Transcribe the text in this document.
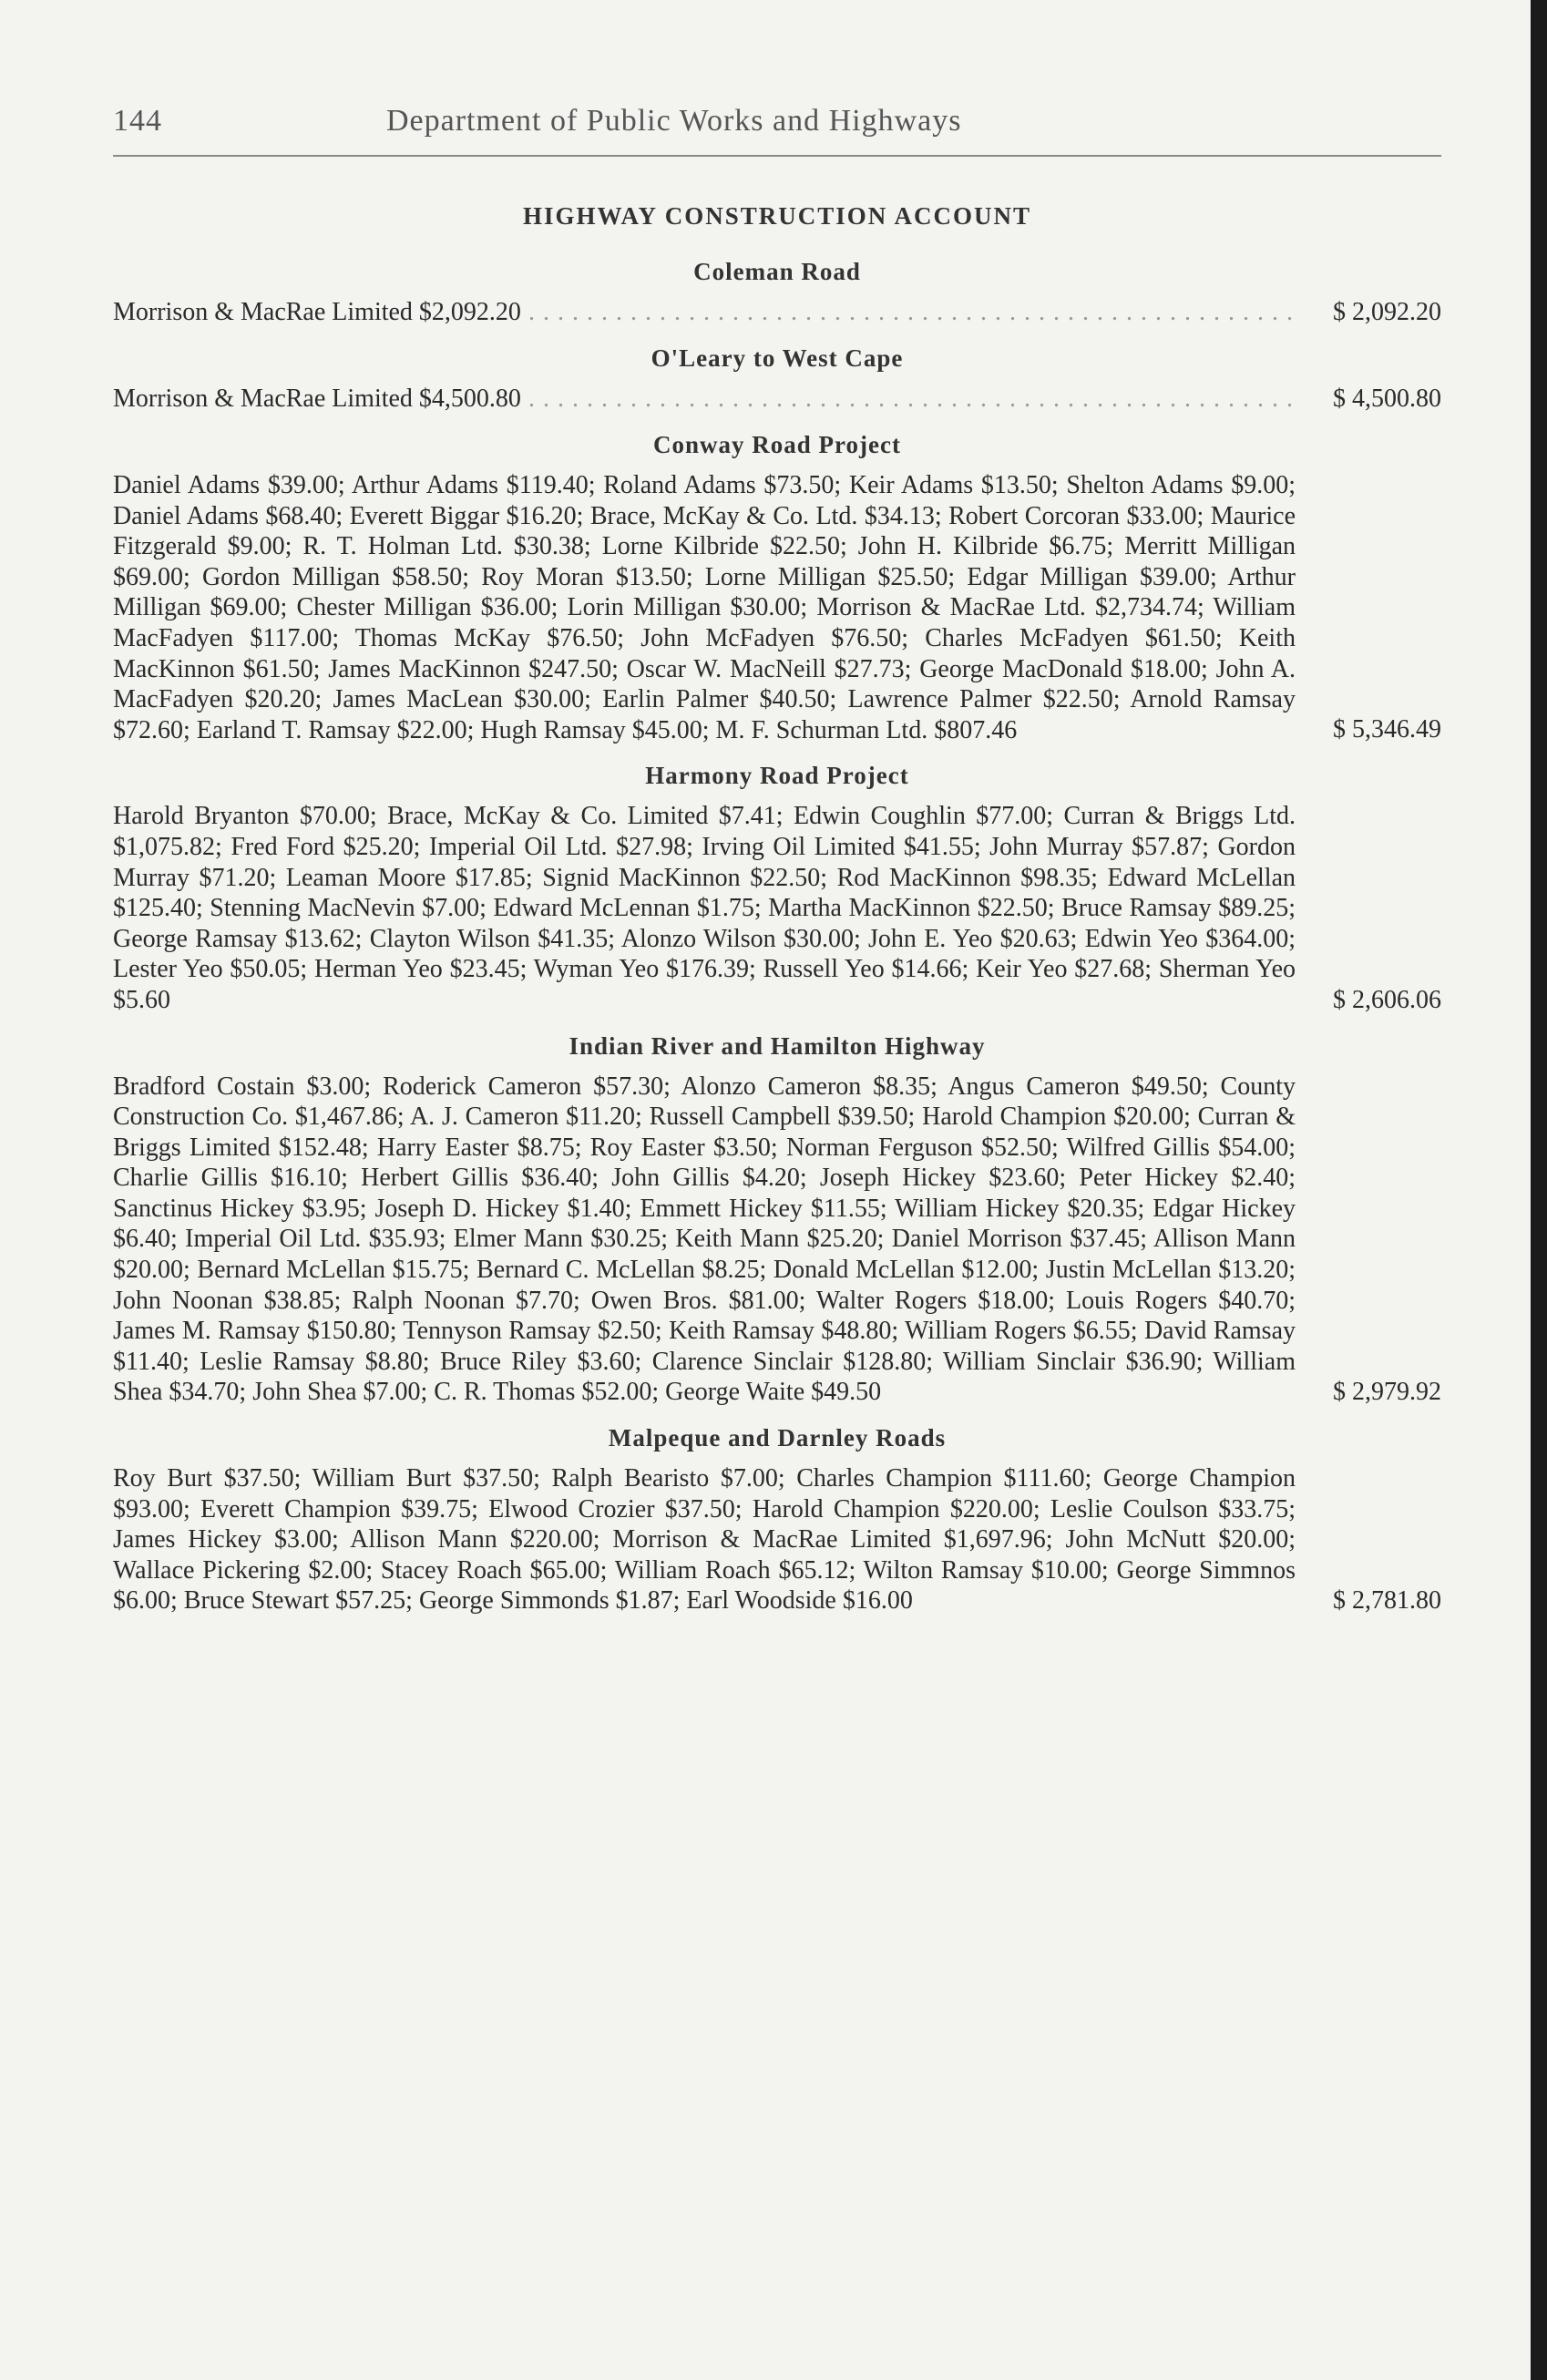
144	Department of Public Works and Highways
HIGHWAY CONSTRUCTION ACCOUNT
Coleman Road
Morrison & MacRae Limited $2,092.20 . . .	$ 2,092.20
O'Leary to West Cape
Morrison & MacRae Limited $4,500.80 . . .	$ 4,500.80
Conway Road Project
Daniel Adams $39.00; Arthur Adams $119.40; Roland Adams $73.50; Keir Adams $13.50; Shelton Adams $9.00; Daniel Adams $68.40; Everett Biggar $16.20; Brace, McKay & Co. Ltd. $34.13; Robert Corcoran $33.00; Maurice Fitzgerald $9.00; R. T. Holman Ltd. $30.38; Lorne Kilbride $22.50; John H. Kilbride $6.75; Merritt Milligan $69.00; Gordon Milligan $58.50; Roy Moran $13.50; Lorne Milligan $25.50; Edgar Milligan $39.00; Arthur Milligan $69.00; Chester Milligan $36.00; Lorin Milligan $30.00; Morrison & MacRae Ltd. $2,734.74; William MacFadyen $117.00; Thomas McKay $76.50; John McFadyen $76.50; Charles McFadyen $61.50; Keith MacKinnon $61.50; James MacKinnon $247.50; Oscar W. MacNeill $27.73; George MacDonald $18.00; John A. MacFadyen $20.20; James MacLean $30.00; Earlin Palmer $40.50; Lawrence Palmer $22.50; Arnold Ramsay $72.60; Earland T. Ramsay $22.00; Hugh Ramsay $45.00; M. F. Schurman Ltd. $807.46	$ 5,346.49
Harmony Road Project
Harold Bryanton $70.00; Brace, McKay & Co. Limited $7.41; Edwin Coughlin $77.00; Curran & Briggs Ltd. $1,075.82; Fred Ford $25.20; Imperial Oil Ltd. $27.98; Irving Oil Limited $41.55; John Murray $57.87; Gordon Murray $71.20; Leaman Moore $17.85; Signid MacKinnon $22.50; Rod MacKinnon $98.35; Edward McLellan $125.40; Stenning MacNevin $7.00; Edward McLennan $1.75; Martha MacKinnon $22.50; Bruce Ramsay $89.25; George Ramsay $13.62; Clayton Wilson $41.35; Alonzo Wilson $30.00; John E. Yeo $20.63; Edwin Yeo $364.00; Lester Yeo $50.05; Herman Yeo $23.45; Wyman Yeo $176.39; Russell Yeo $14.66; Keir Yeo $27.68; Sherman Yeo $5.60	$ 2,606.06
Indian River and Hamilton Highway
Bradford Costain $3.00; Roderick Cameron $57.30; Alonzo Cameron $8.35; Angus Cameron $49.50; County Construction Co. $1,467.86; A. J. Cameron $11.20; Russell Campbell $39.50; Harold Champion $20.00; Curran & Briggs Limited $152.48; Harry Easter $8.75; Roy Easter $3.50; Norman Ferguson $52.50; Wilfred Gillis $54.00; Charlie Gillis $16.10; Herbert Gillis $36.40; John Gillis $4.20; Joseph Hickey $23.60; Peter Hickey $2.40; Sanctinus Hickey $3.95; Joseph D. Hickey $1.40; Emmett Hickey $11.55; William Hickey $20.35; Edgar Hickey $6.40; Imperial Oil Ltd. $35.93; Elmer Mann $30.25; Keith Mann $25.20; Daniel Morrison $37.45; Allison Mann $20.00; Bernard McLellan $15.75; Bernard C. McLellan $8.25; Donald McLellan $12.00; Justin McLellan $13.20; John Noonan $38.85; Ralph Noonan $7.70; Owen Bros. $81.00; Walter Rogers $18.00; Louis Rogers $40.70; James M. Ramsay $150.80; Tennyson Ramsay $2.50; Keith Ramsay $48.80; William Rogers $6.55; David Ramsay $11.40; Leslie Ramsay $8.80; Bruce Riley $3.60; Clarence Sinclair $128.80; William Sinclair $36.90; William Shea $34.70; John Shea $7.00; C. R. Thomas $52.00; George Waite $49.50	$ 2,979.92
Malpeque and Darnley Roads
Roy Burt $37.50; William Burt $37.50; Ralph Bearisto $7.00; Charles Champion $111.60; George Champion $93.00; Everett Champion $39.75; Elwood Crozier $37.50; Harold Champion $220.00; Leslie Coulson $33.75; James Hickey $3.00; Allison Mann $220.00; Morrison & MacRae Limited $1,697.96; John McNutt $20.00; Wallace Pickering $2.00; Stacey Roach $65.00; William Roach $65.12; Wilton Ramsay $10.00; George Simmnos $6.00; Bruce Stewart $57.25; George Simmonds $1.87; Earl Woodside $16.00	$ 2,781.80
